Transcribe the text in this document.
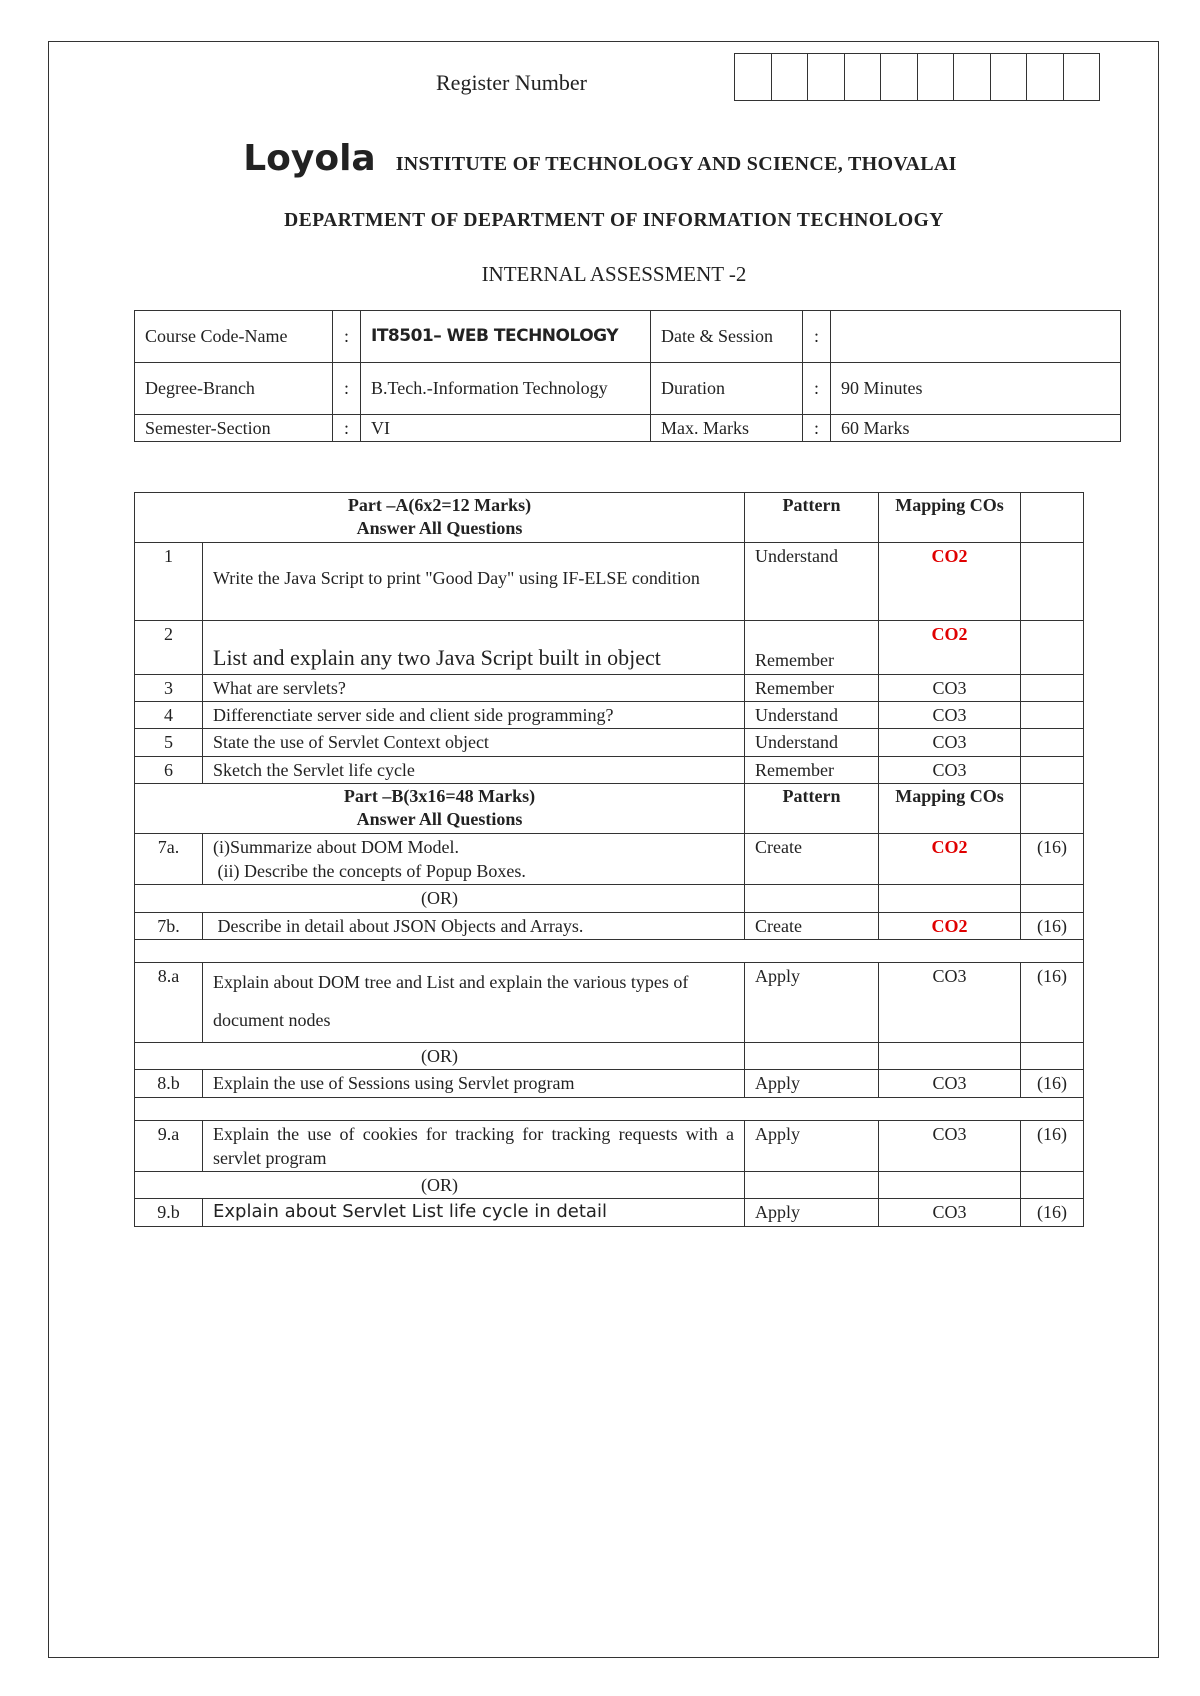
Register Number
Loyola INSTITUTE OF TECHNOLOGY AND SCIENCE, THOVALAI
DEPARTMENT OF DEPARTMENT OF INFORMATION TECHNOLOGY
INTERNAL ASSESSMENT -2
Course Code-Name	:	IT8501– WEB TECHNOLOGY	Date & Session	:	
Degree-Branch	:	B.Tech.-Information Technology	Duration	:	90 Minutes
Semester-Section	:	VI	Max. Marks	:	60 Marks
Part –A(6x2=12 Marks)
Answer All Questions		Pattern	Mapping COs	
1	Write the Java Script to print "Good Day" using IF-ELSE condition	Understand	CO2	
2	List and explain any two Java Script built in object	Remember	CO2	
3	What are servlets?	Remember	CO3	
4	Differenctiate server side and client side programming?	Understand	CO3	
5	State the use of Servlet Context object	Understand	CO3	
6	Sketch the Servlet life cycle	Remember	CO3	

Part –B(3x16=48 Marks)
Answer All Questions		Pattern	Mapping COs	
7a.	(i)Summarize about DOM Model.
(ii) Describe the concepts of Popup Boxes.	Create	CO2	(16)
(OR)				
7b.	Describe in detail about JSON Objects and Arrays.	Create	CO2	(16)

8.a	Explain about DOM tree and List and explain the various types of document nodes	Apply	CO3	(16)
(OR)				
8.b	Explain the use of Sessions using Servlet program	Apply	CO3	(16)

9.a	Explain the use of cookies for tracking for tracking requests with a servlet program	Apply	CO3	(16)
(OR)				
9.b	Explain about Servlet List life cycle in detail	Apply	CO3	(16)
